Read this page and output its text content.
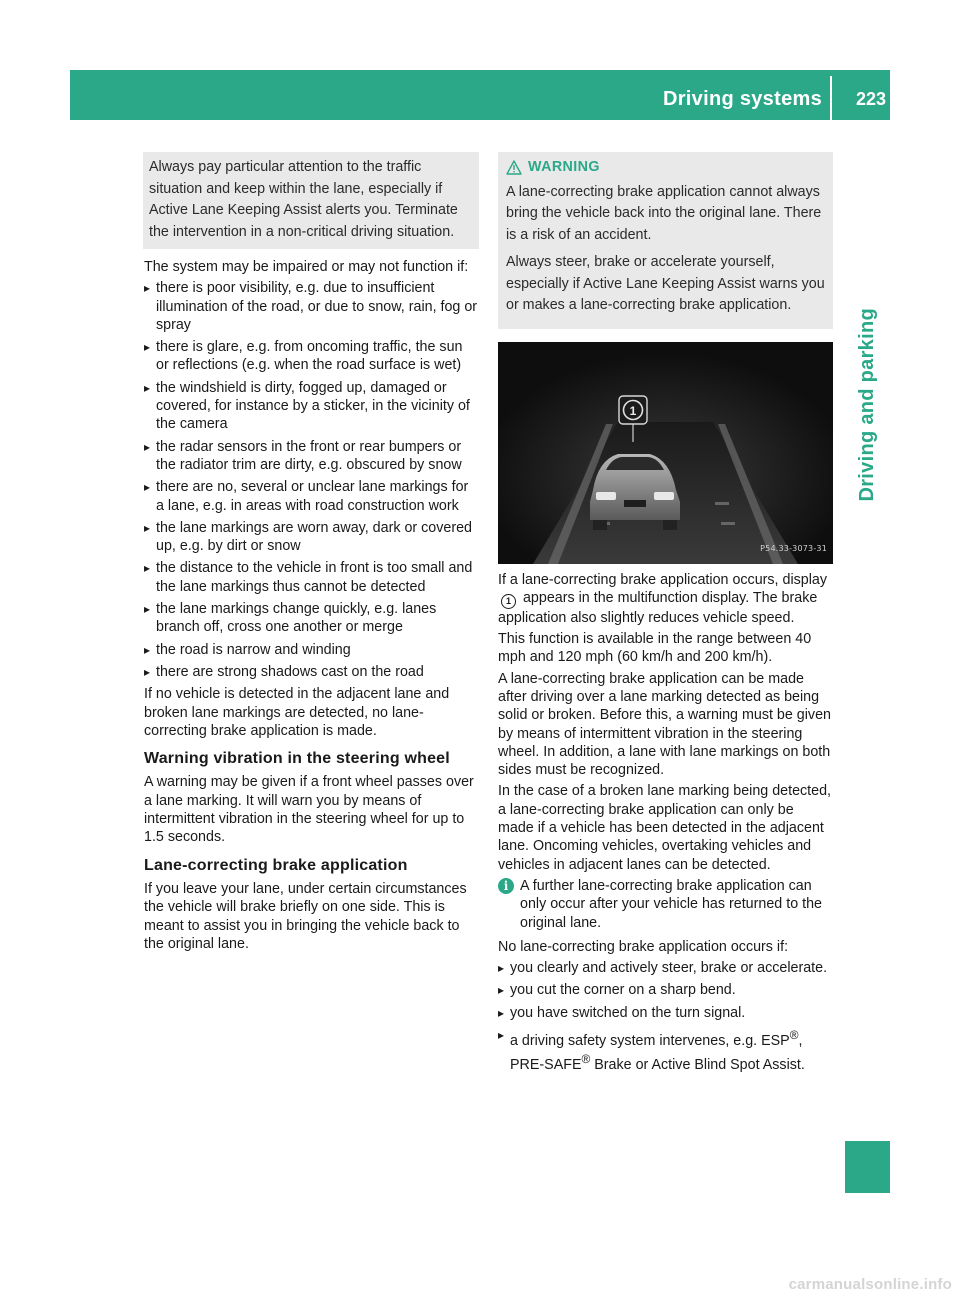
Driving systems 223
Driving and parking

Always pay particular attention to the traffic situation and keep within the lane, especially if Active Lane Keeping Assist alerts you. Terminate the intervention in a non-critical driving situation.

The system may be impaired or may not function if:

▸ there is poor visibility, e.g. due to insufficient illumination of the road, or due to snow, rain, fog or spray
▸ there is glare, e.g. from oncoming traffic, the sun or reflections (e.g. when the road surface is wet)
▸ the windshield is dirty, fogged up, damaged or covered, for instance by a sticker, in the vicinity of the camera
▸ the radar sensors in the front or rear bumpers or the radiator trim are dirty, e.g. obscured by snow
▸ there are no, several or unclear lane markings for a lane, e.g. in areas with road construction work
▸ the lane markings are worn away, dark or covered up, e.g. by dirt or snow
▸ the distance to the vehicle in front is too small and the lane markings thus cannot be detected
▸ the lane markings change quickly, e.g. lanes branch off, cross one another or merge
▸ the road is narrow and winding
▸ there are strong shadows cast on the road

If no vehicle is detected in the adjacent lane and broken lane markings are detected, no lane-correcting brake application is made.

Warning vibration in the steering wheel

A warning may be given if a front wheel passes over a lane marking. It will warn you by means of intermittent vibration in the steering wheel for up to 1.5 seconds.

Lane-correcting brake application

If you leave your lane, under certain circumstances the vehicle will brake briefly on one side. This is meant to assist you in bringing the vehicle back to the original lane.

WARNING

A lane-correcting brake application cannot always bring the vehicle back into the original lane. There is a risk of an accident.

Always steer, brake or accelerate yourself, especially if Active Lane Keeping Assist warns you or makes a lane-correcting brake application.

1
P54.33-3073-31

If a lane-correcting brake application occurs, display 1 appears in the multifunction display. The brake application also slightly reduces vehicle speed.

This function is available in the range between 40 mph and 120 mph (60 km/h and 200 km/h).

A lane-correcting brake application can be made after driving over a lane marking detected as being solid or broken. Before this, a warning must be given by means of intermittent vibration in the steering wheel. In addition, a lane with lane markings on both sides must be recognized.

In the case of a broken lane marking being detected, a lane-correcting brake application can only be made if a vehicle has been detected in the adjacent lane. Oncoming vehicles, overtaking vehicles and vehicles in adjacent lanes can be detected.

i A further lane-correcting brake application can only occur after your vehicle has returned to the original lane.

No lane-correcting brake application occurs if:

▸ you clearly and actively steer, brake or accelerate.
▸ you cut the corner on a sharp bend.
▸ you have switched on the turn signal.
▸ a driving safety system intervenes, e.g. ESP®, PRE-SAFE® Brake or Active Blind Spot Assist.
carmanualsonline.info
